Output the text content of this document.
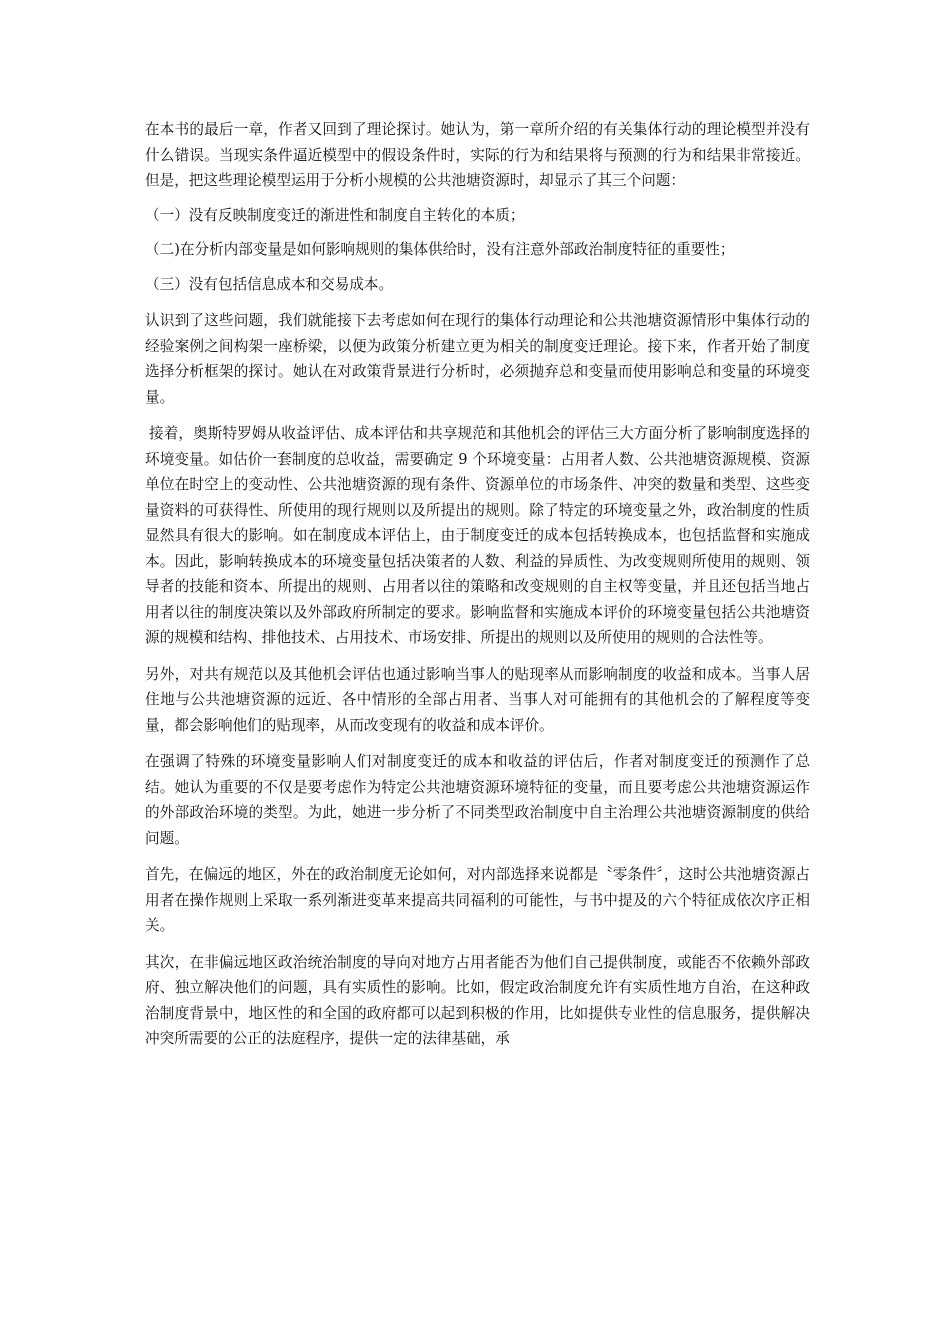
在本书的最后一章，作者又回到了理论探讨。她认为，第一章所介绍的有关集体行动的理论模型并没有什么错误。当现实条件逼近模型中的假设条件时，实际的行为和结果将与预测的行为和结果非常接近。但是，把这些理论模型运用于分析小规模的公共池塘资源时，却显示了其三个问题：

（一）没有反映制度变迁的渐进性和制度自主转化的本质；

（二)在分析内部变量是如何影响规则的集体供给时，没有注意外部政治制度特征的重要性；

（三）没有包括信息成本和交易成本。

认识到了这些问题，我们就能接下去考虑如何在现行的集体行动理论和公共池塘资源情形中集体行动的经验案例之间构架一座桥梁，以便为政策分析建立更为相关的制度变迁理论。接下来，作者开始了制度选择分析框架的探讨。她认在对政策背景进行分析时，必须抛弃总和变量而使用影响总和变量的环境变量。

接着，奥斯特罗姆从收益评估、成本评估和共享规范和其他机会的评估三大方面分析了影响制度选择的环境变量。如估价一套制度的总收益，需要确定 9 个环境变量：占用者人数、公共池塘资源规模、资源单位在时空上的变动性、公共池塘资源的现有条件、资源单位的市场条件、冲突的数量和类型、这些变量资料的可获得性、所使用的现行规则以及所提出的规则。除了特定的环境变量之外，政治制度的性质显然具有很大的影响。如在制度成本评估上，由于制度变迁的成本包括转换成本，也包括监督和实施成本。因此，影响转换成本的环境变量包括决策者的人数、利益的异质性、为改变规则所使用的规则、领导者的技能和资本、所提出的规则、占用者以往的策略和改变规则的自主权等变量，并且还包括当地占用者以往的制度决策以及外部政府所制定的要求。影响监督和实施成本评价的环境变量包括公共池塘资源的规模和结构、排他技术、占用技术、市场安排、所提出的规则以及所使用的规则的合法性等。

另外，对共有规范以及其他机会评估也通过影响当事人的贴现率从而影响制度的收益和成本。当事人居住地与公共池塘资源的远近、各中情形的全部占用者、当事人对可能拥有的其他机会的了解程度等变量，都会影响他们的贴现率，从而改变现有的收益和成本评价。

在强调了特殊的环境变量影响人们对制度变迁的成本和收益的评估后，作者对制度变迁的预测作了总结。她认为重要的不仅是要考虑作为特定公共池塘资源环境特征的变量，而且要考虑公共池塘资源运作的外部政治环境的类型。为此，她进一步分析了不同类型政治制度中自主治理公共池塘资源制度的供给问题。

首先，在偏远的地区，外在的政治制度无论如何，对内部选择来说都是〝零条件〞，这时公共池塘资源占用者在操作规则上采取一系列渐进变革来提高共同福利的可能性，与书中提及的六个特征成依次序正相关。

其次，在非偏远地区政治统治制度的导向对地方占用者能否为他们自己提供制度，或能否不依赖外部政府、独立解决他们的问题，具有实质性的影响。比如，假定政治制度允许有实质性地方自治，在这种政治制度背景中，地区性的和全国的政府都可以起到积极的作用，比如提供专业性的信息服务，提供解决冲突所需要的公正的法庭程序，提供一定的法律基础，承
